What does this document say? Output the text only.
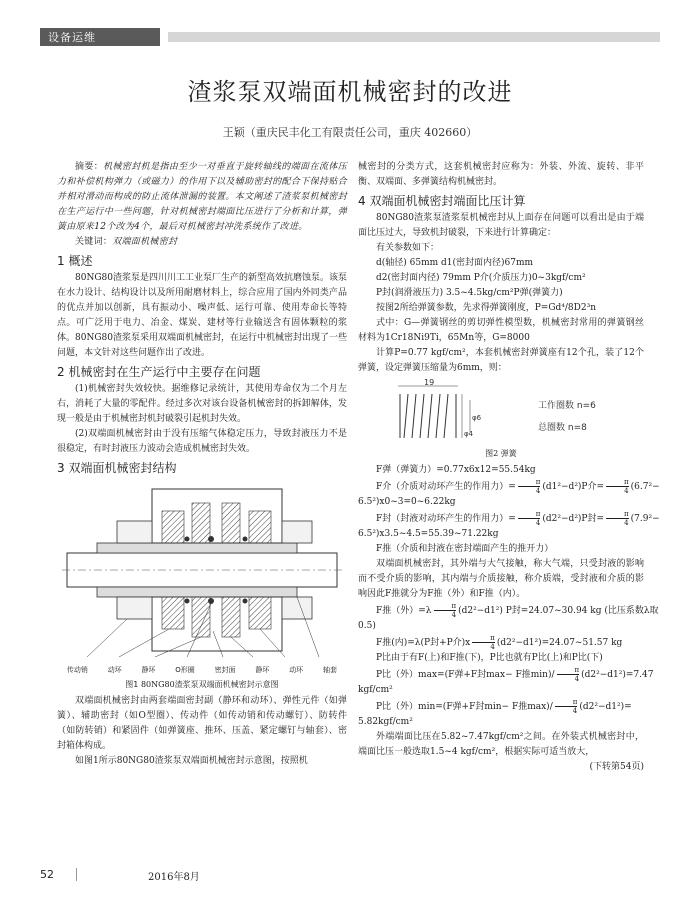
设备运维
渣浆泵双端面机械密封的改进
王颖（重庆民丰化工有限责任公司，重庆 402660）

摘要：机械密封机是指由至少一对垂直于旋转轴线的端面在流体压力和补偿机构弹力（或磁力）的作用下以及辅助密封的配合下保持贴合并相对滑动而构成的防止流体泄漏的装置。本文阐述了渣浆泵机械密封在生产运行中一些问题，针对机械密封端面比压进行了分析和计算，弹簧由原来12个改为4个，最后对机械密封冲洗系统作了改进。

关键词：双端面机械密封

1 概述

80NG80渣浆泵是四川川工工业泵厂生产的新型高效抗磨蚀泵。该泵在水力设计、结构设计以及所用耐磨材料上，综合应用了国内外同类产品的优点并加以创新，具有振动小、噪声低、运行可靠、使用寿命长等特点。可广泛用于电力、冶金、煤炭、建材等行业输送含有固体颗粒的浆体。80NG80渣浆泵采用双端面机械密封，在运行中机械密封出现了一些问题，本文针对这些问题作出了改进。

2 机械密封在生产运行中主要存在问题

(1)机械密封失效较快。据维修记录统计，其使用寿命仅为二个月左右，消耗了大量的零配件。经过多次对该台设备机械密封的拆卸解体，发现一般是由于机械密封机封破裂引起机封失效。

(2)双端面机械密封由于没有压缩气体稳定压力，导致封液压力不是很稳定，有时封液压力波动会造成机械密封失效。

3 双端面机械密封结构
传动销	动环	静环	O形圈	密封面	静环	动环	轴套

图1 80NG80渣浆泵双端面机械密封示意图

双端面机械密封由两套端面密封副（静环和动环）、弹性元件（如弹簧）、辅助密封（如O型圈）、传动件（如传动销和传动螺钉）、防转件（如防转销）和紧固件（如弹簧座、推环、压盖、紧定螺钉与轴套）、密封箱体构成。

如图1所示80NG80渣浆泵双端面机械密封示意图，按照机

械密封的分类方式，这套机械密封应称为：外装、外流、旋转、非平衡、双端面、多弹簧结构机械密封。

4 双端面机械密封端面比压计算

80NG80渣浆泵渣浆泵机械密封从上面存在问题可以看出是由于端面比压过大，导致机封破裂，下来进行计算确定：

有关参数如下：

d(轴径) 65mm d1(密封面内径)67mm

d2(密封面内径) 79mm P介(介质压力)0~3kgf/cm²

P封(润滑液压力) 3.5~4.5kg/cm²P弹(弹簧力)

按图2所给弹簧参数，先求得弹簧刚度，P=Gd⁴/8D2³n

式中：G—弹簧钢丝的剪切弹性模型数，机械密封常用的弹簧钢丝材料为1Cr18Ni9Ti，65Mn等，G=8000

计算P=0.77 kgf/cm²，本套机械密封弹簧座有12个孔，装了12个弹簧，设定弹簧压缩量为6mm，则：

19
φ6
φ4
工作圈数 n=6
总圈数 n=8

图2 弹簧

F弹（弹簧力）=0.77x6x12=55.54kg

F介（介质对动环产生的作用力）= $\frac{\pi}{4} (d1^2-d^2)P$介= $\frac{\pi}{4} (6.7^2-$

6.5²)x0~3=0~6.22kg

F封（封液对动环产生的作用力）= $\frac{\pi}{4} (d2^2-d^2)P$封= $\frac{\pi}{4} (7.9^2-$

6.5²)x3.5~4.5=55.39~71.22kg

F推（介质和封液在密封端面产生的推开力）

双端面机械密封，其外端与大气接触，称大气端，只受封液的影响而不受介质的影响，其内端与介质接触，称介质端，受封液和介质的影响因此F推就分为F推（外）和F推（内）。

F推（外）$=\lambda \frac{\pi}{4} (d2^2-d1^2)$ P封=24.07~30.94 kg (比压系数λ取

0.5)

F推(内)=λ(P封+P介)$x \frac{\pi}{4}$ (d2²−d1²)=24.07~51.57 kg

P比由于有F(上)和F推(下)，P比也就有P比(上)和P比(下)

P比（外）max=(F弹+F封max− F推$\min)/ \frac{\pi}{4} (d2^2-d1^2)=7.47$

kgf/cm²

P比（外）min=(F弹+F封min− F推$\max)/ \frac{\pi}{4} (d2^2-d1^2)=$

5.82kgf/cm²

外端端面比压在5.82~7.47kgf/cm²之间。在外装式机械密封中，端面比压一般选取1.5~4 kgf/cm²，根据实际可适当放大，

(下转第54页)

52	2016年8月
